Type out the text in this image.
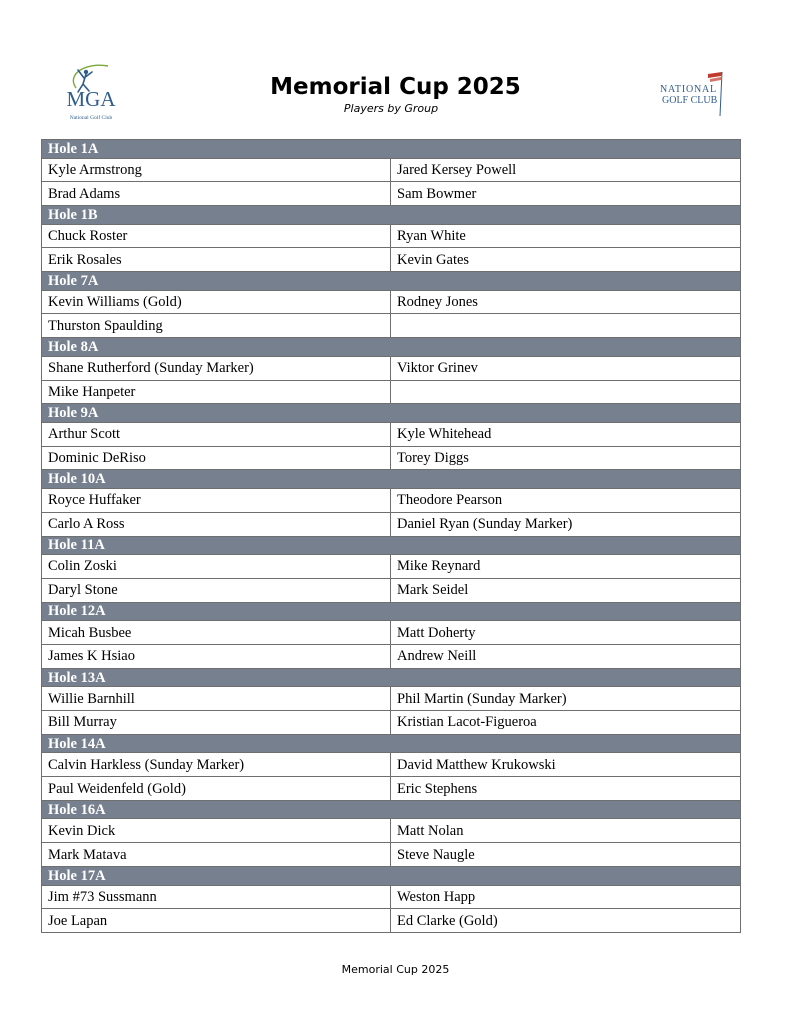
MGA
National Golf Club
NATIONAL
GOLF CLUB
Memorial Cup 2025
Players by Group
Hole 1A	
Kyle Armstrong	Jared Kersey Powell
Brad Adams	Sam Bowmer
Hole 1B	
Chuck Roster	Ryan White
Erik Rosales	Kevin Gates
Hole 7A	
Kevin Williams (Gold)	Rodney Jones
Thurston Spaulding	
Hole 8A	
Shane Rutherford (Sunday Marker)	Viktor Grinev
Mike Hanpeter	
Hole 9A	
Arthur Scott	Kyle Whitehead
Dominic DeRiso	Torey Diggs
Hole 10A	
Royce Huffaker	Theodore Pearson
Carlo A Ross	Daniel Ryan (Sunday Marker)
Hole 11A	
Colin Zoski	Mike Reynard
Daryl Stone	Mark Seidel
Hole 12A	
Micah Busbee	Matt Doherty
James K Hsiao	Andrew Neill
Hole 13A	
Willie Barnhill	Phil Martin (Sunday Marker)
Bill Murray	Kristian Lacot-Figueroa
Hole 14A	
Calvin Harkless (Sunday Marker)	David Matthew Krukowski
Paul Weidenfeld (Gold)	Eric Stephens
Hole 16A	
Kevin Dick	Matt Nolan
Mark Matava	Steve Naugle
Hole 17A	
Jim #73 Sussmann	Weston Happ
Joe Lapan	Ed Clarke (Gold)
Memorial Cup 2025
